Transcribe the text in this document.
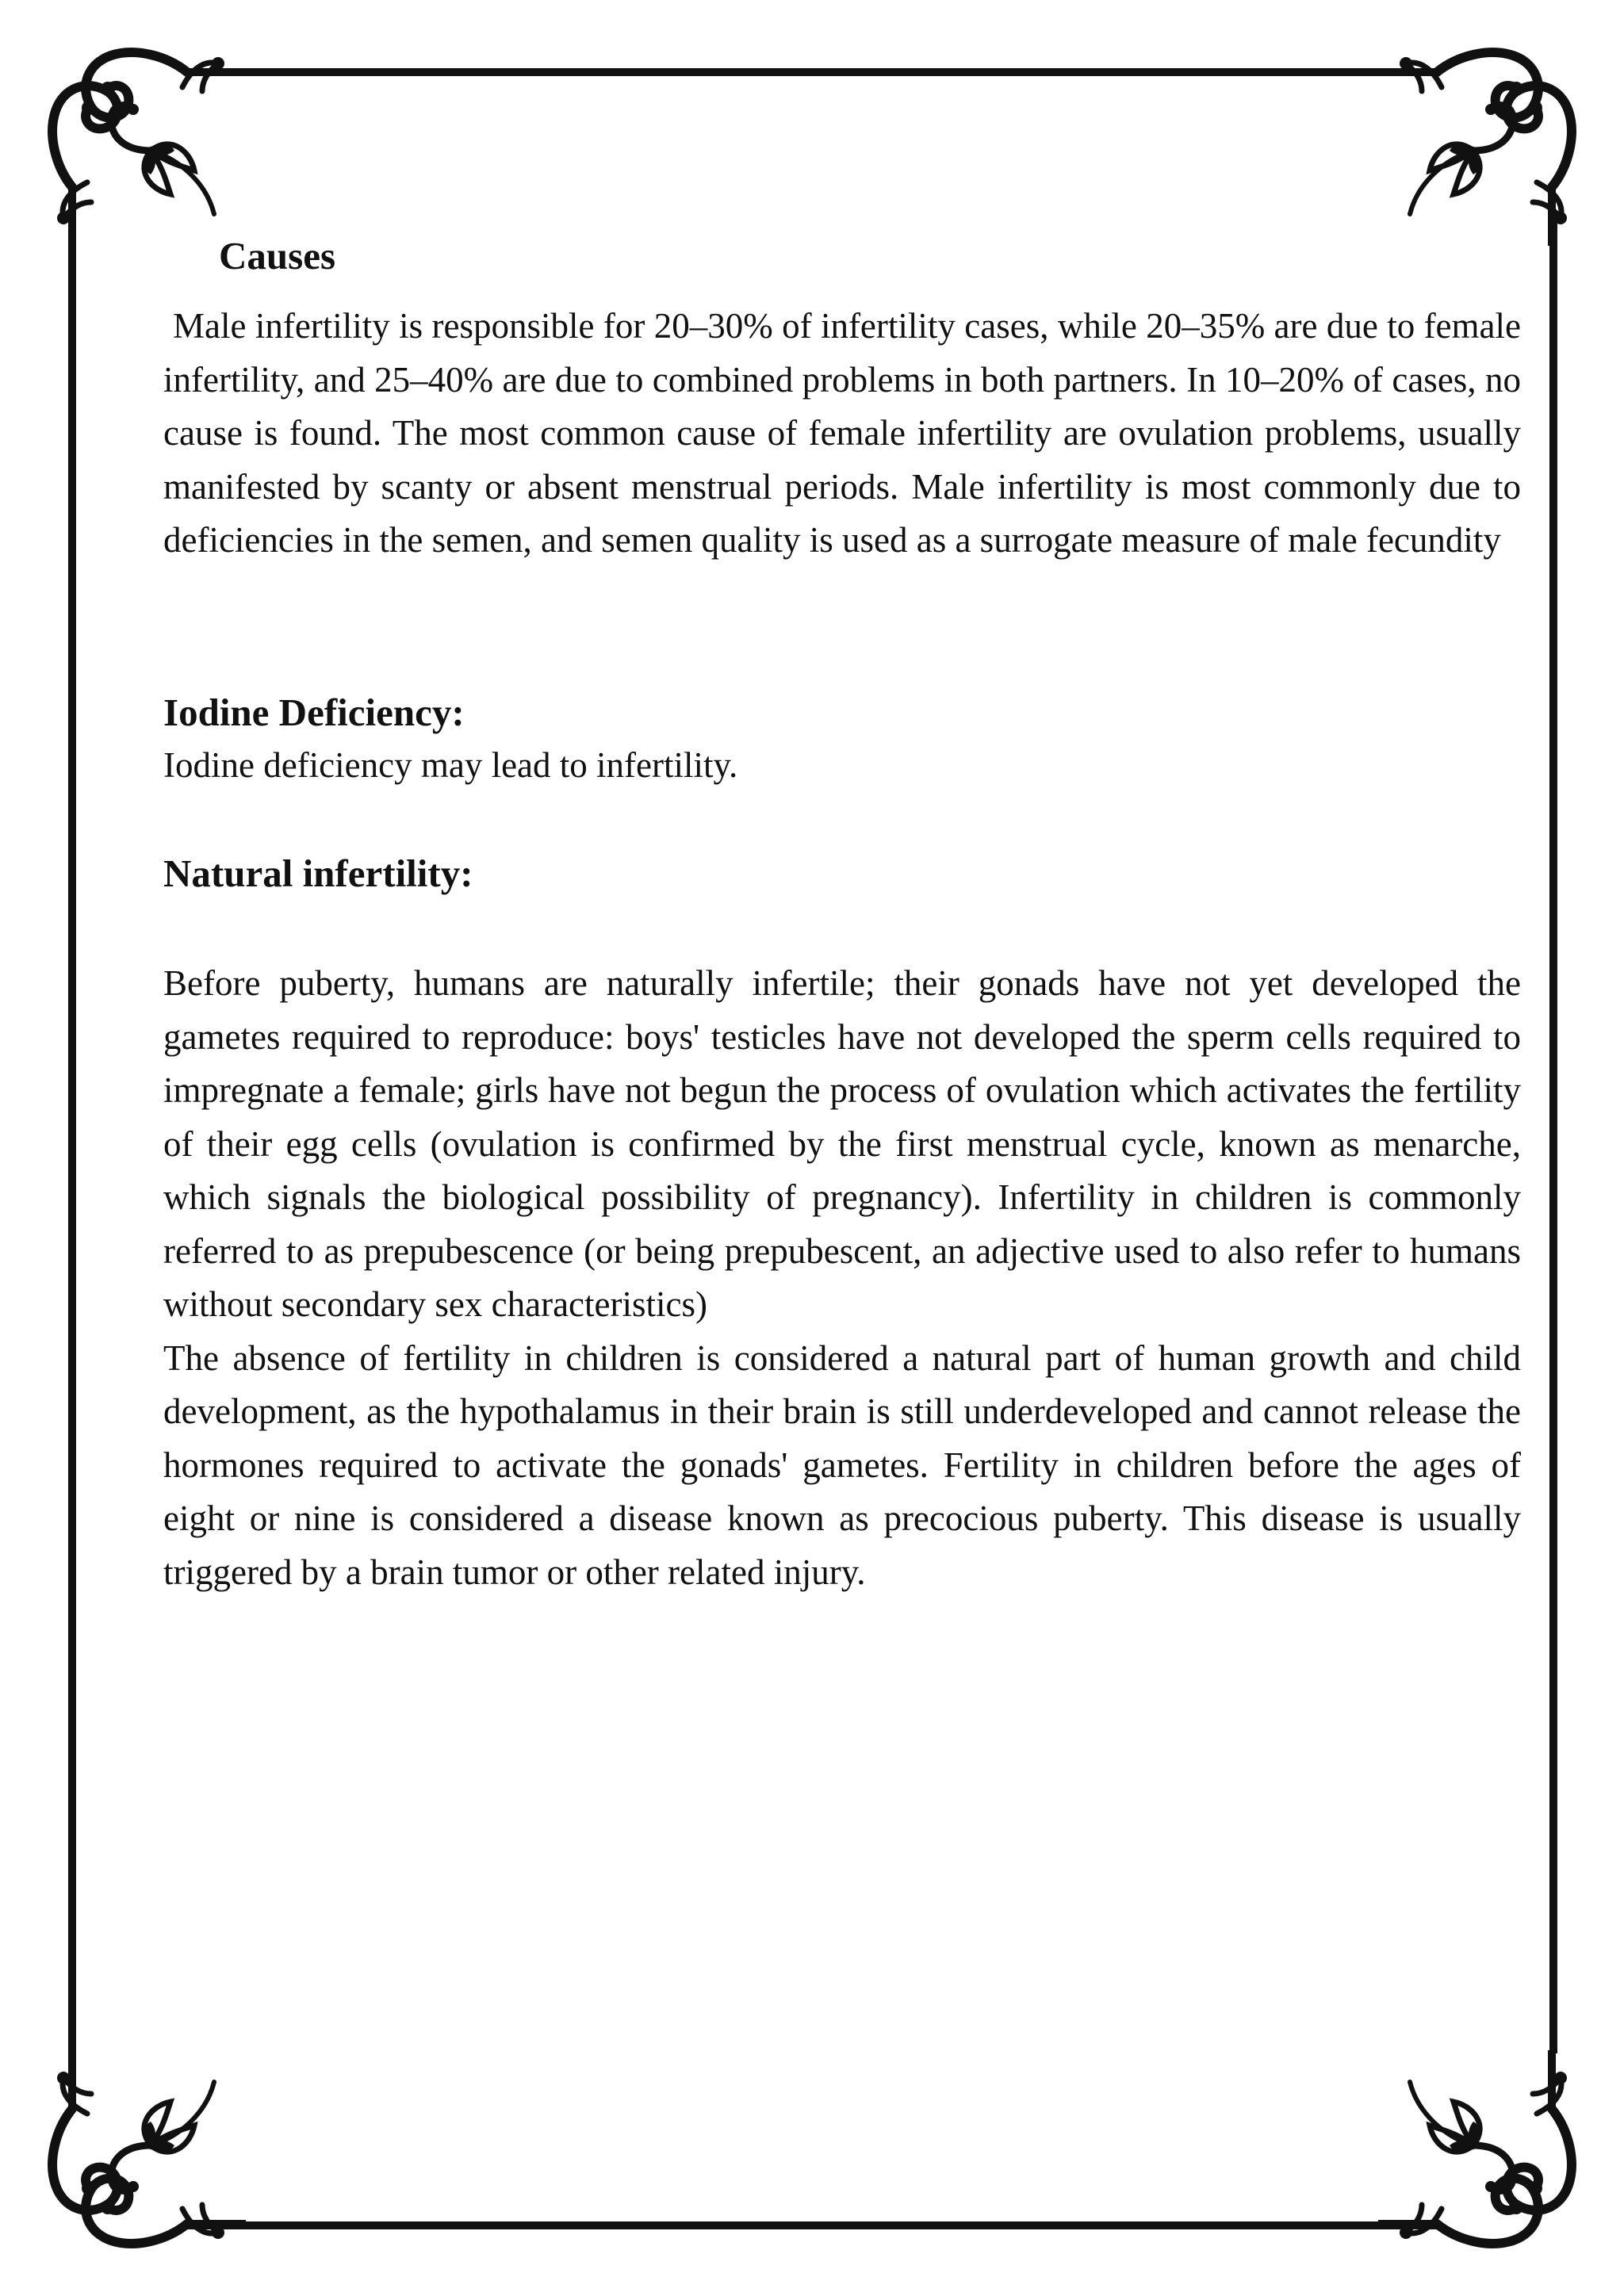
Causes

Male infertility is responsible for 20–30% of infertility cases, while 20–35% are due to female infertility, and 25–40% are due to combined problems in both partners. In 10–20% of cases, no cause is found. The most common cause of female infertility are ovulation problems, usually manifested by scanty or absent menstrual periods. Male infertility is most commonly due to deficiencies in the semen, and semen quality is used as a surrogate measure of male fecundity

Iodine Deficiency:

Iodine deficiency may lead to infertility.

Natural infertility:

Before puberty, humans are naturally infertile; their gonads have not yet developed the gametes required to reproduce: boys' testicles have not developed the sperm cells required to impregnate a female; girls have not begun the process of ovulation which activates the fertility of their egg cells (ovulation is confirmed by the first menstrual cycle, known as menarche, which signals the biological possibility of pregnancy). Infertility in children is commonly referred to as prepubescence (or being prepubescent, an adjective used to also refer to humans without secondary sex characteristics)

The absence of fertility in children is considered a natural part of human growth and child development, as the hypothalamus in their brain is still underdeveloped and cannot release the hormones required to activate the gonads' gametes. Fertility in children before the ages of eight or nine is considered a disease known as precocious puberty. This disease is usually triggered by a brain tumor or other related injury.
